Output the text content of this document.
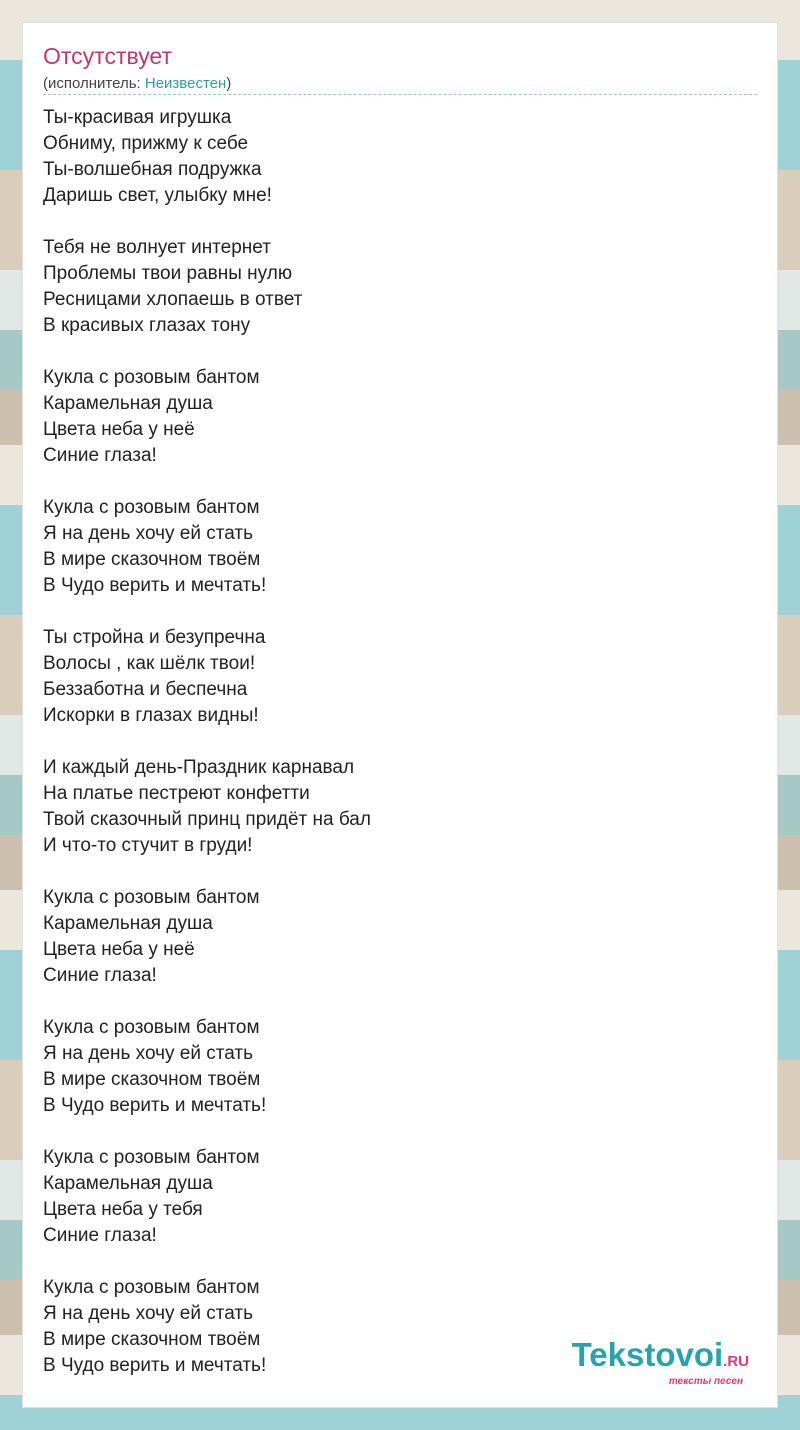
Отсутствует
(исполнитель: Неизвестен)
Ты-красивая игрушка
Обниму, прижму к себе
Ты-волшебная подружка
Даришь свет, улыбку мне!
Тебя не волнует интернет
Проблемы твои равны нулю
Ресницами хлопаешь в ответ
В красивых глазах тону
Кукла с розовым бантом
Карамельная душа
Цвета неба у неё
Синие глаза!
Кукла с розовым бантом
Я на день хочу ей стать
В мире сказочном твоём
В Чудо верить и мечтать!
Ты стройна и безупречна
Волосы , как шёлк твои!
Беззаботна и беспечна
Искорки в глазах видны!
И каждый день-Праздник карнавал
На платье пестреют конфетти
Твой сказочный принц придёт на бал
И что-то стучит в груди!
Кукла с розовым бантом
Карамельная душа
Цвета неба у неё
Синие глаза!
Кукла с розовым бантом
Я на день хочу ей стать
В мире сказочном твоём
В Чудо верить и мечтать!
Кукла с розовым бантом
Карамельная душа
Цвета неба у тебя
Синие глаза!
Кукла с розовым бантом
Я на день хочу ей стать
В мире сказочном твоём
В Чудо верить и мечтать!	Tekstovoi.RU
тексты песен
